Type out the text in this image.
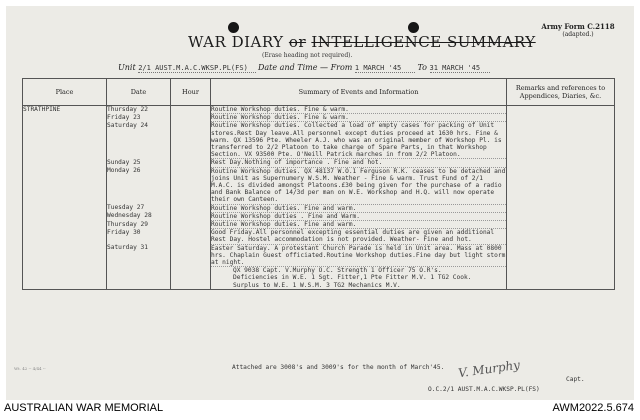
WAR DIARY or INTELLIGENCE SUMMARY
Army Form C.2118
(adapted.)
(Erase heading not required).
Unit 2/1 AUST.M.A.C.WKSP.PL(FS)	Date and Time — From 1 MARCH '45 To 31 MARCH '45
Place	Date	Hour	Summary of Events and Information	Remarks and references to Appendices, Diaries, &c.
STRATHPINE	Thursday 22		Routine Workshop duties. Fine & warm.	
	Friday 23		Routine Workshop duties. Fine & warm.	
	Saturday 24		Routine Workshop duties. Collected a load of empty cases for packing of Unit stores.Rest Day leave.All personnel except duties proceed at 1630 hrs. Fine & warm. QX 13596 Pte. Wheeler A.J. who was an original member of Workshop Pl. is transferred to 2/2 Platoon to take charge of Spare Parts, in that Workshop Section. VX 93500 Pte. O'Neill Patrick marches in from 2/2 Platoon.	
	Sunday 25		Rest Day.Nothing of importance . Fine and hot.	
	Monday 26		Routine Workshop duties. QX 48137 W.O.1 Ferguson R.K. ceases to be detached and joins Unit as Supernumery W.S.M. Weather - Fine & warm. Trust Fund of 2/1 M.A.C. is divided amongst Platoons.£30 being given for the purchase of a radio and Bank Balance of 14/3d per man on W.E. Workshop and H.Q. will now operate their own Canteen.	
	Tuesday 27		Routine Workshop duties. Fine and warm.	
	Wednesday 28		Routine Workshop duties . Fine and Warm.	
	Thursday 29		Routine Workshop duties. Fine and warm.	
	Friday 30		Good Friday.All personnel excepting essential duties are given an additional Rest Day. Hostel accommodation is not provided. Weather- Fine and hot.	
	Saturday 31		Easter Saturday. A protestant Church Parade is held in Unit area. Mass at 0800 hrs. Chaplain Guest officiated.Routine Workshop duties.Fine day but light storm at night.	

			QX 9038 Capt. V.Murphy O.C. Strength 1 Officer 75 O.R's.
Deficiencies in W.E. 1 Sgt. Fitter,1 Pte Fitter M.V. 1 TG2 Cook.
Surplus to W.E. 1 W.S.M. 3 TG2 Mechanics M.V.	

Attached are 3008's and 3009's for the month of March'45. V. Murphy	Capt.
O.C.2/1 AUST.M.A.C.WKSP.PL(FS)
Wt. 42 -- 4/44 --
AUSTRALIAN WAR MEMORIAL	AWM2022.5.674
